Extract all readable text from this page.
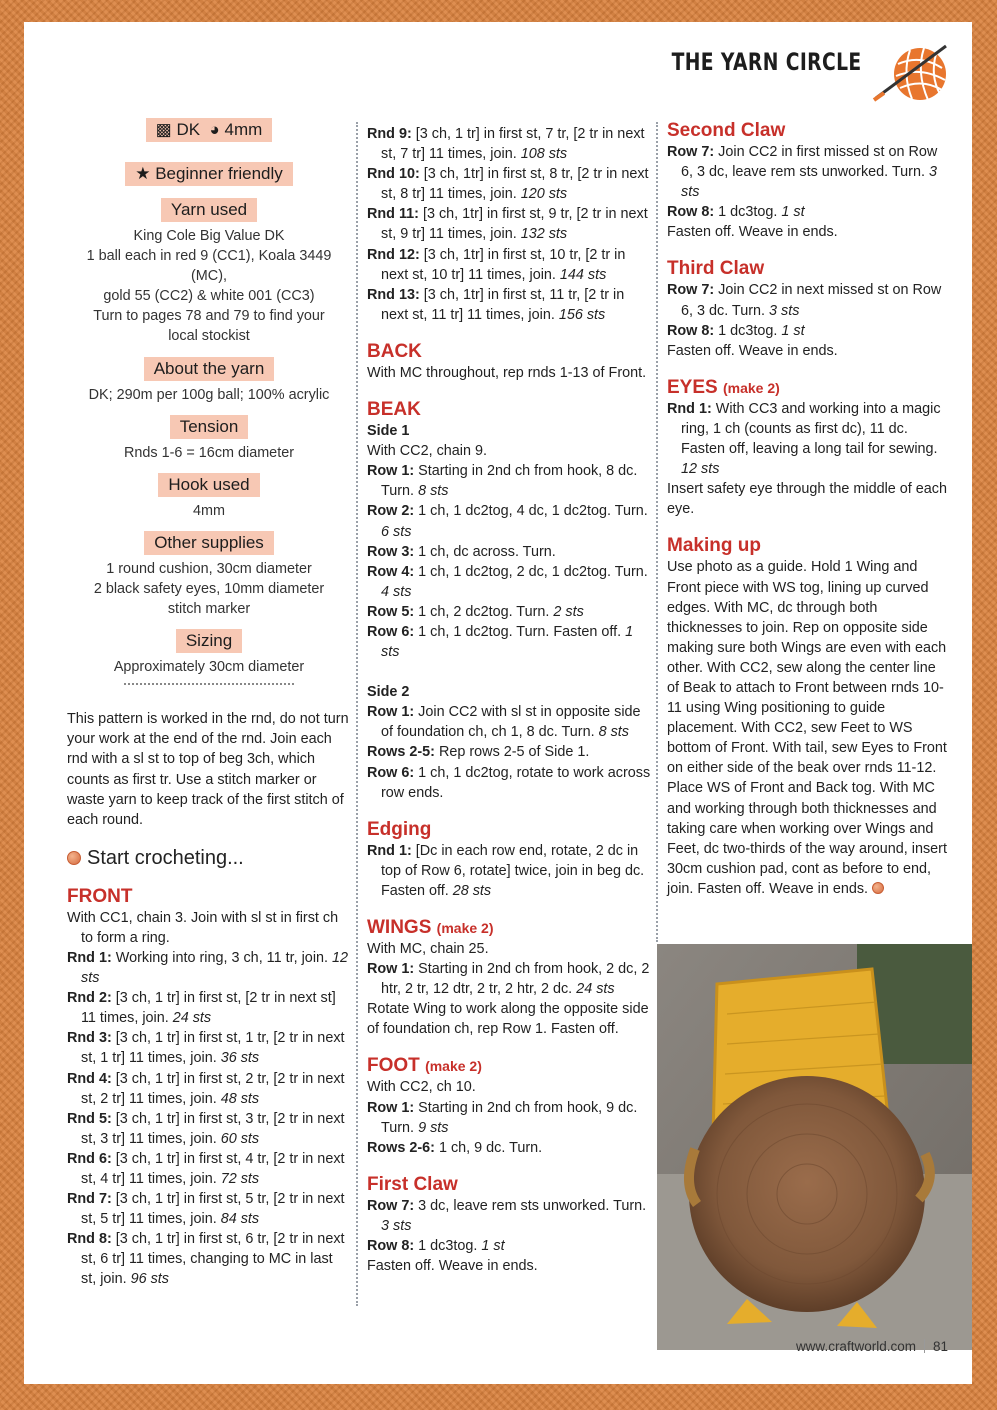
THE YARN CIRCLE
▩ DK ◕ 4mm
★ Beginner friendly
Yarn used

King Cole Big Value DK

1 ball each in red 9 (CC1), Koala 3449 (MC),

gold 55 (CC2) & white 001 (CC3)

Turn to pages 78 and 79 to find your

local stockist

About the yarn

DK; 290m per 100g ball; 100% acrylic

Tension

Rnds 1-6 = 16cm diameter

Hook used

4mm

Other supplies

1 round cushion, 30cm diameter

2 black safety eyes, 10mm diameter

stitch marker

Sizing

Approximately 30cm diameter

This pattern is worked in the rnd, do not turn your work at the end of the rnd. Join each rnd with a sl st to top of beg 3ch, which counts as first tr. Use a stitch marker or waste yarn to keep track of the first stitch of each round.

Start crocheting...
FRONT

With CC1, chain 3. Join with sl st in first ch to form a ring.

Rnd 1: Working into ring, 3 ch, 11 tr, join. 12 sts

Rnd 2: [3 ch, 1 tr] in first st, [2 tr in next st] 11 times, join. 24 sts

Rnd 3: [3 ch, 1 tr] in first st, 1 tr, [2 tr in next st, 1 tr] 11 times, join. 36 sts

Rnd 4: [3 ch, 1 tr] in first st, 2 tr, [2 tr in next st, 2 tr] 11 times, join. 48 sts

Rnd 5: [3 ch, 1 tr] in first st, 3 tr, [2 tr in next st, 3 tr] 11 times, join. 60 sts

Rnd 6: [3 ch, 1 tr] in first st, 4 tr, [2 tr in next st, 4 tr] 11 times, join. 72 sts

Rnd 7: [3 ch, 1 tr] in first st, 5 tr, [2 tr in next st, 5 tr] 11 times, join. 84 sts

Rnd 8: [3 ch, 1 tr] in first st, 6 tr, [2 tr in next st, 6 tr] 11 times, changing to MC in last st, join. 96 sts

Rnd 9: [3 ch, 1 tr] in first st, 7 tr, [2 tr in next st, 7 tr] 11 times, join. 108 sts

Rnd 10: [3 ch, 1tr] in first st, 8 tr, [2 tr in next st, 8 tr] 11 times, join. 120 sts

Rnd 11: [3 ch, 1tr] in first st, 9 tr, [2 tr in next st, 9 tr] 11 times, join. 132 sts

Rnd 12: [3 ch, 1tr] in first st, 10 tr, [2 tr in next st, 10 tr] 11 times, join. 144 sts

Rnd 13: [3 ch, 1tr] in first st, 11 tr, [2 tr in next st, 11 tr] 11 times, join. 156 sts

BACK

With MC throughout, rep rnds 1-13 of Front.

BEAK
Side 1

With CC2, chain 9.

Row 1: Starting in 2nd ch from hook, 8 dc. Turn. 8 sts

Row 2: 1 ch, 1 dc2tog, 4 dc, 1 dc2tog. Turn. 6 sts

Row 3: 1 ch, dc across. Turn.

Row 4: 1 ch, 1 dc2tog, 2 dc, 1 dc2tog. Turn. 4 sts

Row 5: 1 ch, 2 dc2tog. Turn. 2 sts

Row 6: 1 ch, 1 dc2tog. Turn. Fasten off. 1 sts

Side 2

Row 1: Join CC2 with sl st in opposite side of foundation ch, ch 1, 8 dc. Turn. 8 sts

Rows 2-5: Rep rows 2-5 of Side 1.

Row 6: 1 ch, 1 dc2tog, rotate to work across row ends.

Edging

Rnd 1: [Dc in each row end, rotate, 2 dc in top of Row 6, rotate] twice, join in beg dc. Fasten off. 28 sts

WINGS (make 2)

With MC, chain 25.

Row 1: Starting in 2nd ch from hook, 2 dc, 2 htr, 2 tr, 12 dtr, 2 tr, 2 htr, 2 dc. 24 sts

Rotate Wing to work along the opposite side of foundation ch, rep Row 1. Fasten off.

FOOT (make 2)

With CC2, ch 10.

Row 1: Starting in 2nd ch from hook, 9 dc. Turn. 9 sts

Rows 2-6: 1 ch, 9 dc. Turn.

First Claw

Row 7: 3 dc, leave rem sts unworked. Turn. 3 sts

Row 8: 1 dc3tog. 1 st

Fasten off. Weave in ends.

Second Claw

Row 7: Join CC2 in first missed st on Row 6, 3 dc, leave rem sts unworked. Turn. 3 sts

Row 8: 1 dc3tog. 1 st

Fasten off. Weave in ends.

Third Claw

Row 7: Join CC2 in next missed st on Row 6, 3 dc. Turn. 3 sts

Row 8: 1 dc3tog. 1 st

Fasten off. Weave in ends.

EYES (make 2)

Rnd 1: With CC3 and working into a magic ring, 1 ch (counts as first dc), 11 dc. Fasten off, leaving a long tail for sewing. 12 sts

Insert safety eye through the middle of each eye.

Making up

Use photo as a guide. Hold 1 Wing and Front piece with WS tog, lining up curved edges. With MC, dc through both thicknesses to join. Rep on opposite side making sure both Wings are even with each other. With CC2, sew along the center line of Beak to attach to Front between rnds 10-11 using Wing positioning to guide placement. With CC2, sew Feet to WS bottom of Front. With tail, sew Eyes to Front on either side of the beak over rnds 11-12.

Place WS of Front and Back tog. With MC and working through both thicknesses and taking care when working over Wings and Feet, dc two-thirds of the way around, insert 30cm cushion pad, cont as before to end, join. Fasten off. Weave in ends.

www.craftworld.com 81
